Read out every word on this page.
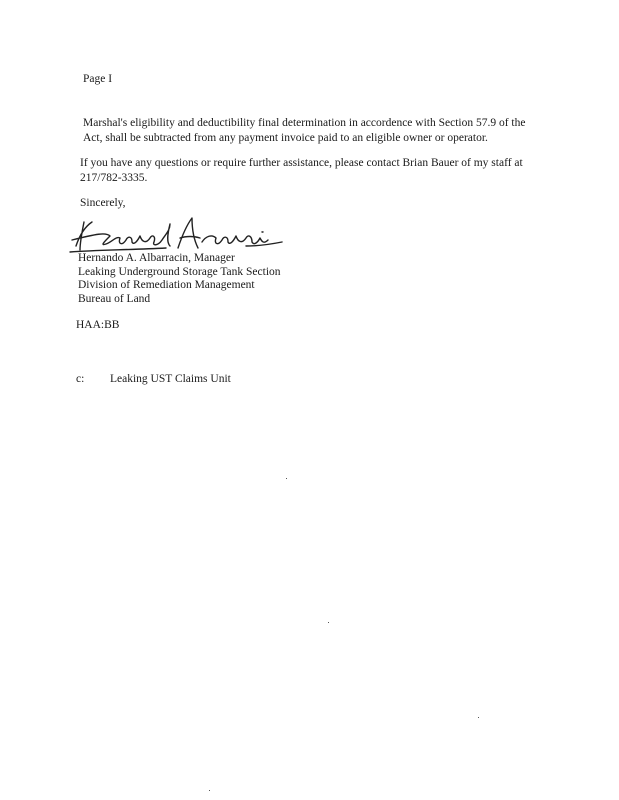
Page I
Marshal's eligibility and deductibility final determination in accordence with Section 57.9 of the Act, shall be subtracted from any payment invoice paid to an eligible owner or operator.
If you have any questions or require further assistance, please contact Brian Bauer of my staff at 217/782-3335.
Sincerely,
Hernando A. Albarracin, Manager
Leaking Underground Storage Tank Section
Division of Remediation Management
Bureau of Land
HAA:BB
c: Leaking UST Claims Unit
